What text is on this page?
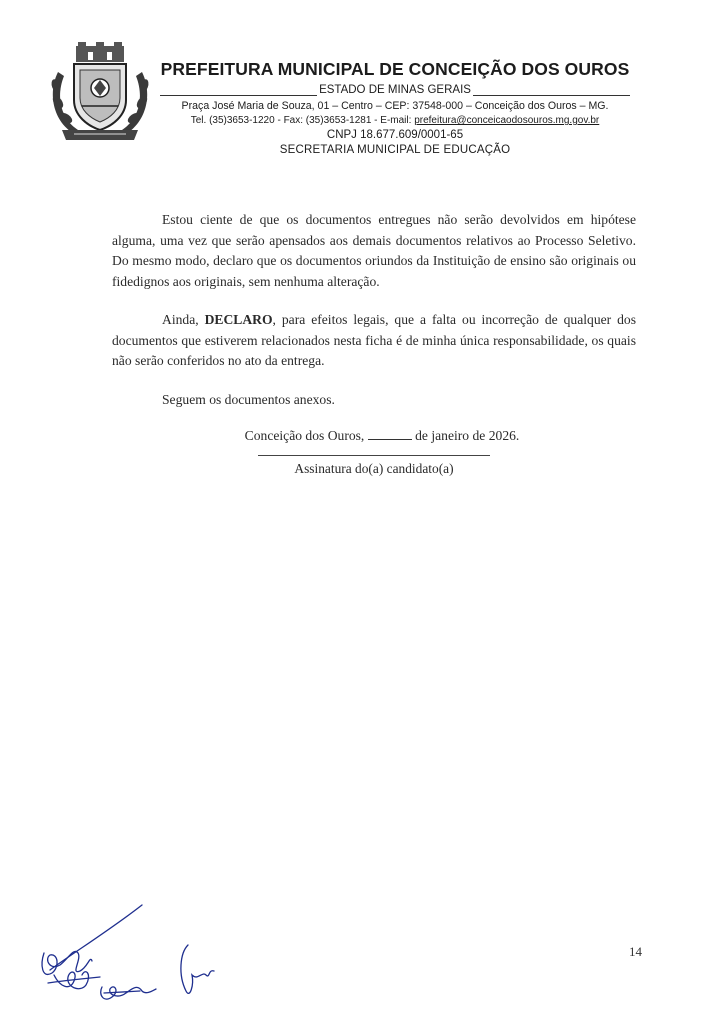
PREFEITURA MUNICIPAL DE CONCEIÇÃO DOS OUROS
ESTADO DE MINAS GERAIS
Praça José Maria de Souza, 01 – Centro – CEP: 37548-000 – Conceição dos Ouros – MG.
Tel. (35)3653-1220 - Fax: (35)3653-1281 - E-mail: prefeitura@conceicaodosouros.mg.gov.br
CNPJ 18.677.609/0001-65
SECRETARIA MUNICIPAL DE EDUCAÇÃO

Estou ciente de que os documentos entregues não serão devolvidos em hipótese alguma, uma vez que serão apensados aos demais documentos relativos ao Processo Seletivo. Do mesmo modo, declaro que os documentos oriundos da Instituição de ensino são originais ou fidedignos aos originais, sem nenhuma alteração.

Ainda, DECLARO, para efeitos legais, que a falta ou incorreção de qualquer dos documentos que estiverem relacionados nesta ficha é de minha única responsabilidade, os quais não serão conferidos no ato da entrega.

Seguem os documentos anexos.

Conceição dos Ouros,	de janeiro de 2026.

Assinatura do(a) candidato(a)
14
